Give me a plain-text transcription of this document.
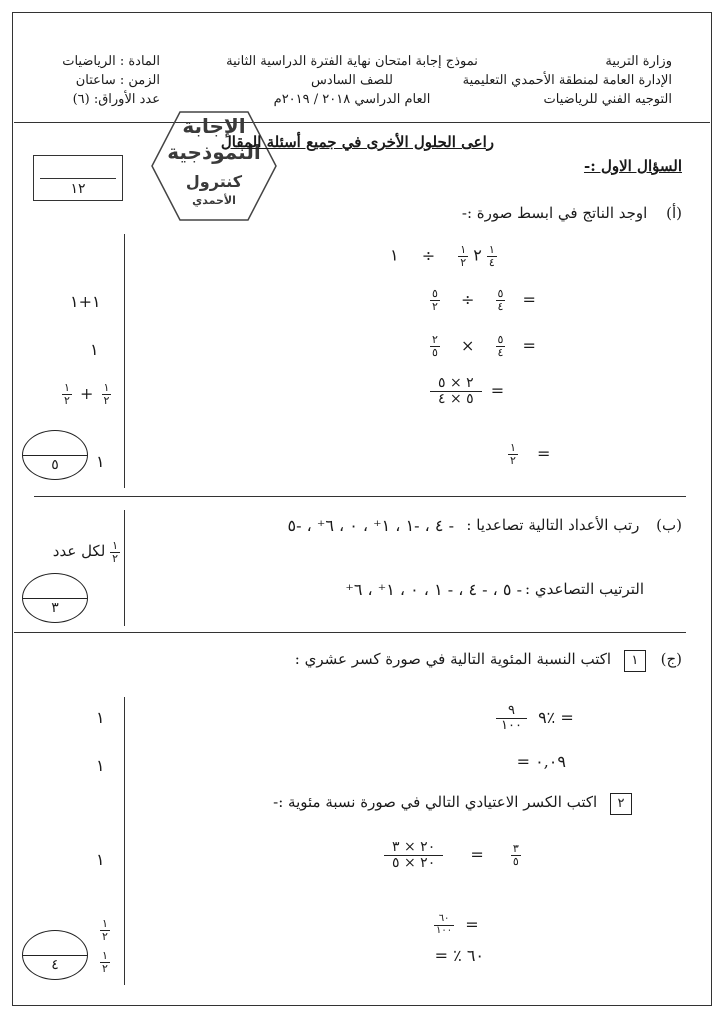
وزارة التربية
الإدارة العامة لمنطقة الأحمدي التعليمية
التوجيه الفني للرياضيات
نموذج إجابة امتحان نهاية الفترة الدراسية الثانية
للصف السادس
العام الدراسي ٢٠١٨ / ٢٠١٩م
المادة : الرياضيات
الزمن : ساعتان
عدد الأوراق: (٦)
الإجابة
النموذجية
كنترول
الأحمدي
راعى الحلول الأخرى في جميع أسئلة المقال
١٢
السؤال الاول :-
(أ) اوجد الناتج في ابسط صورة :-
٢
$\frac{١}{٢}$
÷ ١	$\frac{١}{٤}$
$\frac{٥}{٢} \div \frac{٥}{٤}$ =
$\frac{٢}{٥} \times \frac{٥}{٤}$ =
$\frac{٢ \times ٥}{٥ \times ٤}$ =
$\frac{١}{٢}$ =
١+١
١
$\frac{١}{٢} + \frac{١}{٢}$
١
٥
(ب) رتب الأعداد التالية تصاعديا :
- ٤ ، -١ ، ١⁺ ، ٠ ، ٦⁺ ، -٥
الترتيب التصاعدي :
- ٥ ، - ٤ ، - ١ ، ٠ ، ١⁺ ، ٦⁺
$\frac{١}{٢}$
لكل عدد
٣
(ج) ١ اكتب النسبة المئوية التالية في صورة كسر عشري :
$\frac{٩}{١٠٠}$ ٩٪ =
٠,٠٩ =
٢ اكتب الكسر الاعتيادي التالي في صورة نسبة مئوية :-
$\frac{٢٠ \times ٣}{٢٠ \times ٥} = \frac{٣}{٥}$
$\frac{٦٠}{١٠٠}$ =
٦٠ ٪ =
١
١
١
$\frac{١}{٢}$
$\frac{١}{٢}$
٤
